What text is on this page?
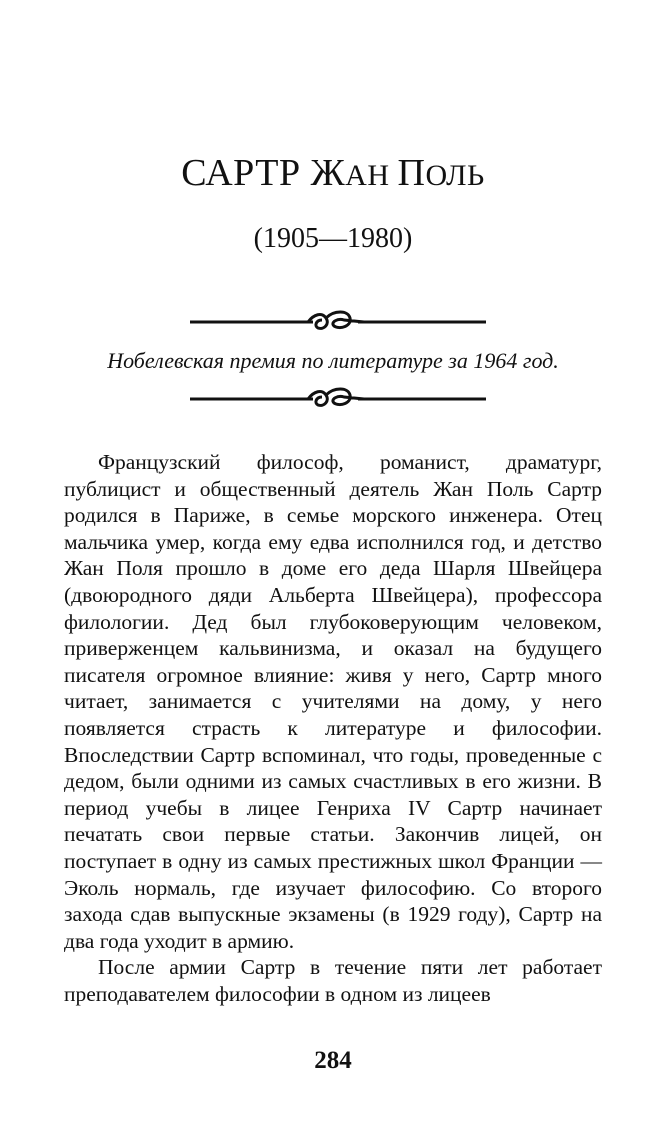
САРТР ЖАН ПОЛЬ
(1905—1980)
Нобелевская премия по литературе за 1964 год.

Французский философ, романист, драматург, публицист и общественный деятель Жан Поль Сартр родился в Париже, в семье морского инженера. Отец мальчика умер, когда ему едва исполнился год, и детство Жан Поля прошло в доме его деда Шарля Швейцера (двоюродного дяди Альберта Швейцера), профессора филологии. Дед был глубоковерующим человеком, приверженцем кальвинизма, и оказал на будущего писателя огромное влияние: живя у него, Сартр много читает, занимается с учителями на дому, у него появляется страсть к литературе и философии. Впоследствии Сартр вспоминал, что годы, проведенные с дедом, были одними из самых счастливых в его жизни. В период учебы в лицее Генриха IV Сартр начинает печатать свои первые статьи. Закончив лицей, он поступает в одну из самых престижных школ Франции — Эколь нормаль, где изучает философию. Со второго захода сдав выпускные экзамены (в 1929 году), Сартр на два года уходит в армию.

После армии Сартр в течение пяти лет работает преподавателем философии в одном из лицеев

284
